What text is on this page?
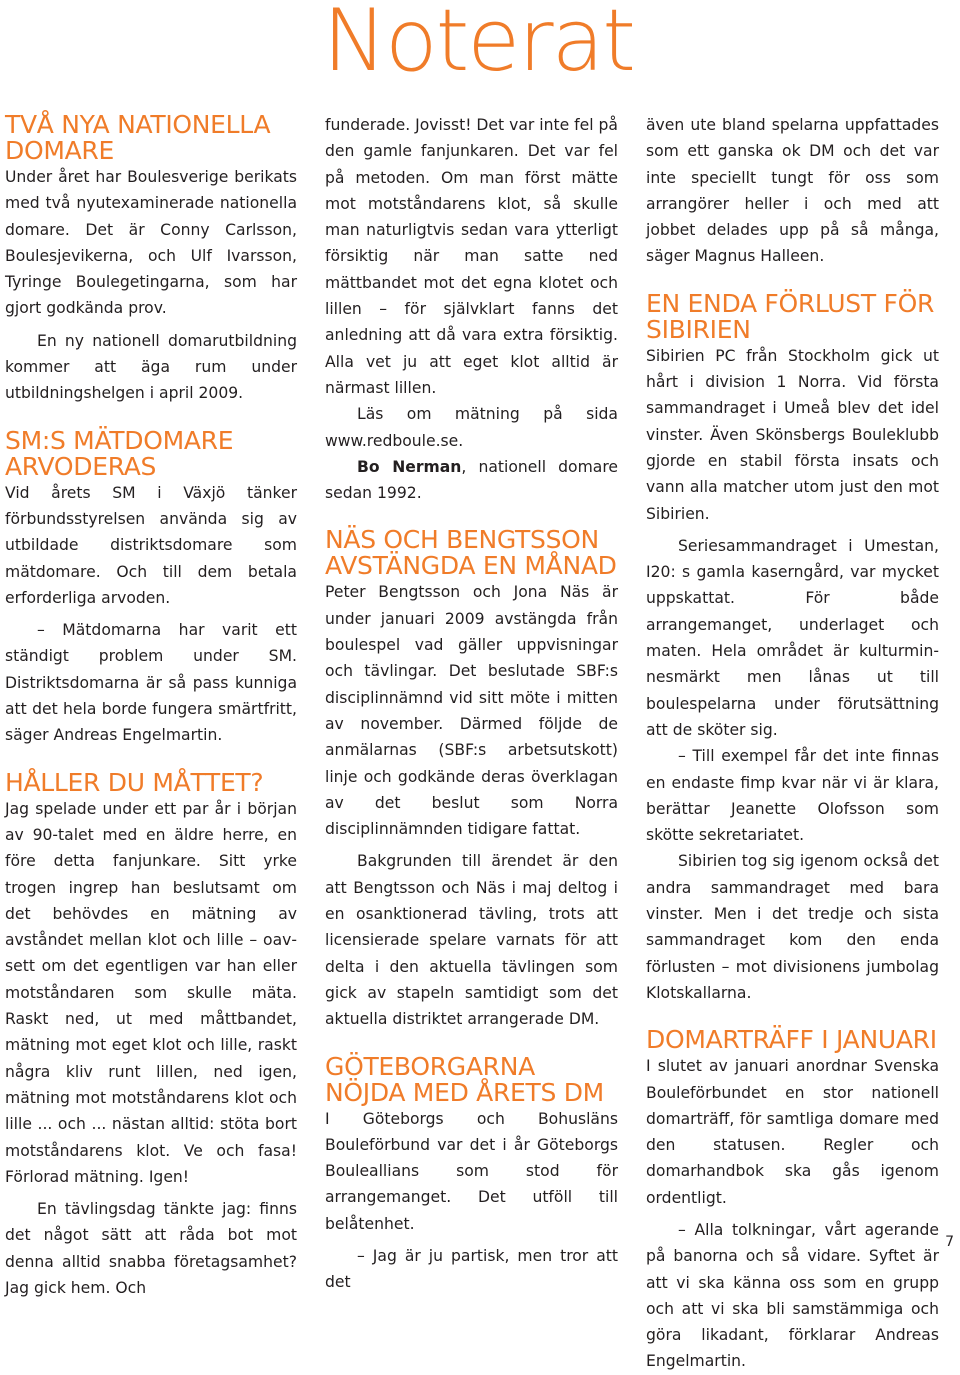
Noterat
TVÅ NYA NATIONELLA DOMARE

Under året har Boulesverige berikats med två nyutexaminerade nationella domare. Det är Conny Carlsson, Boulesjevikerna, och Ulf Ivarsson, Tyringe Boulegetingarna, som har gjort godkända prov.

En ny nationell domarutbildning kommer att äga rum under utbildningshelgen i april 2009.

SM:S MÄTDOMARE ARVODERAS

Vid årets SM i Växjö tänker förbundsstyrelsen använda sig av utbildade distriktsdomare som mätdomare. Och till dem betala erforderliga arvoden.

– Mätdomarna har varit ett ständigt problem under SM. Distriktsdomarna är så pass kunniga att det hela borde fungera smärtfritt, säger Andreas Engelmartin.

HÅLLER DU MÅTTET?

Jag spelade under ett par år i början av 90-talet med en äldre herre, en före detta fanjunkare. Sitt yrke trogen ingrep han beslutsamt om det behövdes en mätning av avståndet mellan klot och lille – oavsett om det egentligen var han eller motståndaren som skulle mäta. Raskt ned, ut med måttbandet, mätning mot eget klot och lille, raskt några kliv runt lillen, ned igen, mätning mot motståndarens klot och lille ... och ... nästan alltid: stöta bort motståndarens klot. Ve och fasa! Förlorad mätning. Igen!

En tävlingsdag tänkte jag: finns det något sätt att råda bot mot denna alltid snabba företagsamhet? Jag gick hem. Och

funderade. Jovisst! Det var inte fel på den gamle fanjunkaren. Det var fel på metoden. Om man först mätte mot motståndarens klot, så skulle man naturligtvis sedan vara ytterligt försiktig när man satte ned mättbandet mot det egna klotet och lillen – för självklart fanns det anledning att då vara extra försiktig. Alla vet ju att eget klot alltid är närmast lillen.

Läs om mätning på sida www.redboule.se.

Bo Nerman, nationell domare sedan 1992.

NÄS OCH BENGTSSON AVSTÄNGDA EN MÅNAD

Peter Bengtsson och Jona Näs är under januari 2009 avstängda från boulespel vad gäller uppvisningar och tävlingar. Det beslutade SBF:s disciplinnämnd vid sitt möte i mitten av november. Därmed följde de anmälarnas (SBF:s arbetsutskott) linje och godkände deras överklagan av det beslut som Norra disciplinnämnden tidigare fattat.

Bakgrunden till ärendet är den att Bengtsson och Näs i maj deltog i en osanktionerad tävling, trots att licensierade spelare varnats för att delta i den aktuella tävlingen som gick av stapeln samtidigt som det aktuella distriktet arrangerade DM.

GÖTEBORGARNA NÖJDA MED ÅRETS DM

I Göteborgs och Bohusläns Bouleförbund var det i år Göteborgs Bouleallians som stod för arrangemanget. Det utföll till belåtenhet.

– Jag är ju partisk, men tror att det

även ute bland spelarna uppfattades som ett ganska ok DM och det var inte speciellt tungt för oss som arrangörer heller i och med att jobbet delades upp på så många, säger Magnus Halleen.

EN ENDA FÖRLUST FÖR SIBIRIEN

Sibirien PC från Stockholm gick ut hårt i division 1 Norra. Vid första sammandraget i Umeå blev det idel vinster. Även Skönsbergs Bouleklubb gjorde en stabil första insats och vann alla matcher utom just den mot Sibirien.

Seriesammandraget i Umestan, I20: s gamla kaserngård, var mycket uppskattat. För både arrangemanget, underlaget och maten. Hela området är kulturminnesmärkt men lånas ut till boulespelarna under förutsättning att de sköter sig.

– Till exempel får det inte finnas en endaste fimp kvar när vi är klara, berättar Jeanette Olofsson som skötte sekretariatet.

Sibirien tog sig igenom också det andra sammandraget med bara vinster. Men i det tredje och sista sammandraget kom den enda förlusten – mot divisionens jumbolag Klotskallarna.

DOMARTRÄFF I JANUARI

I slutet av januari anordnar Svenska Bouleförbundet en stor nationell domarträff, för samtliga domare med den statusen. Regler och domarhandbok ska gås igenom ordentligt.

– Alla tolkningar, vårt agerande på banorna och så vidare. Syftet är att vi ska känna oss som en grupp och att vi ska bli samstämmiga och göra likadant, förklarar Andreas Engelmartin.

7
